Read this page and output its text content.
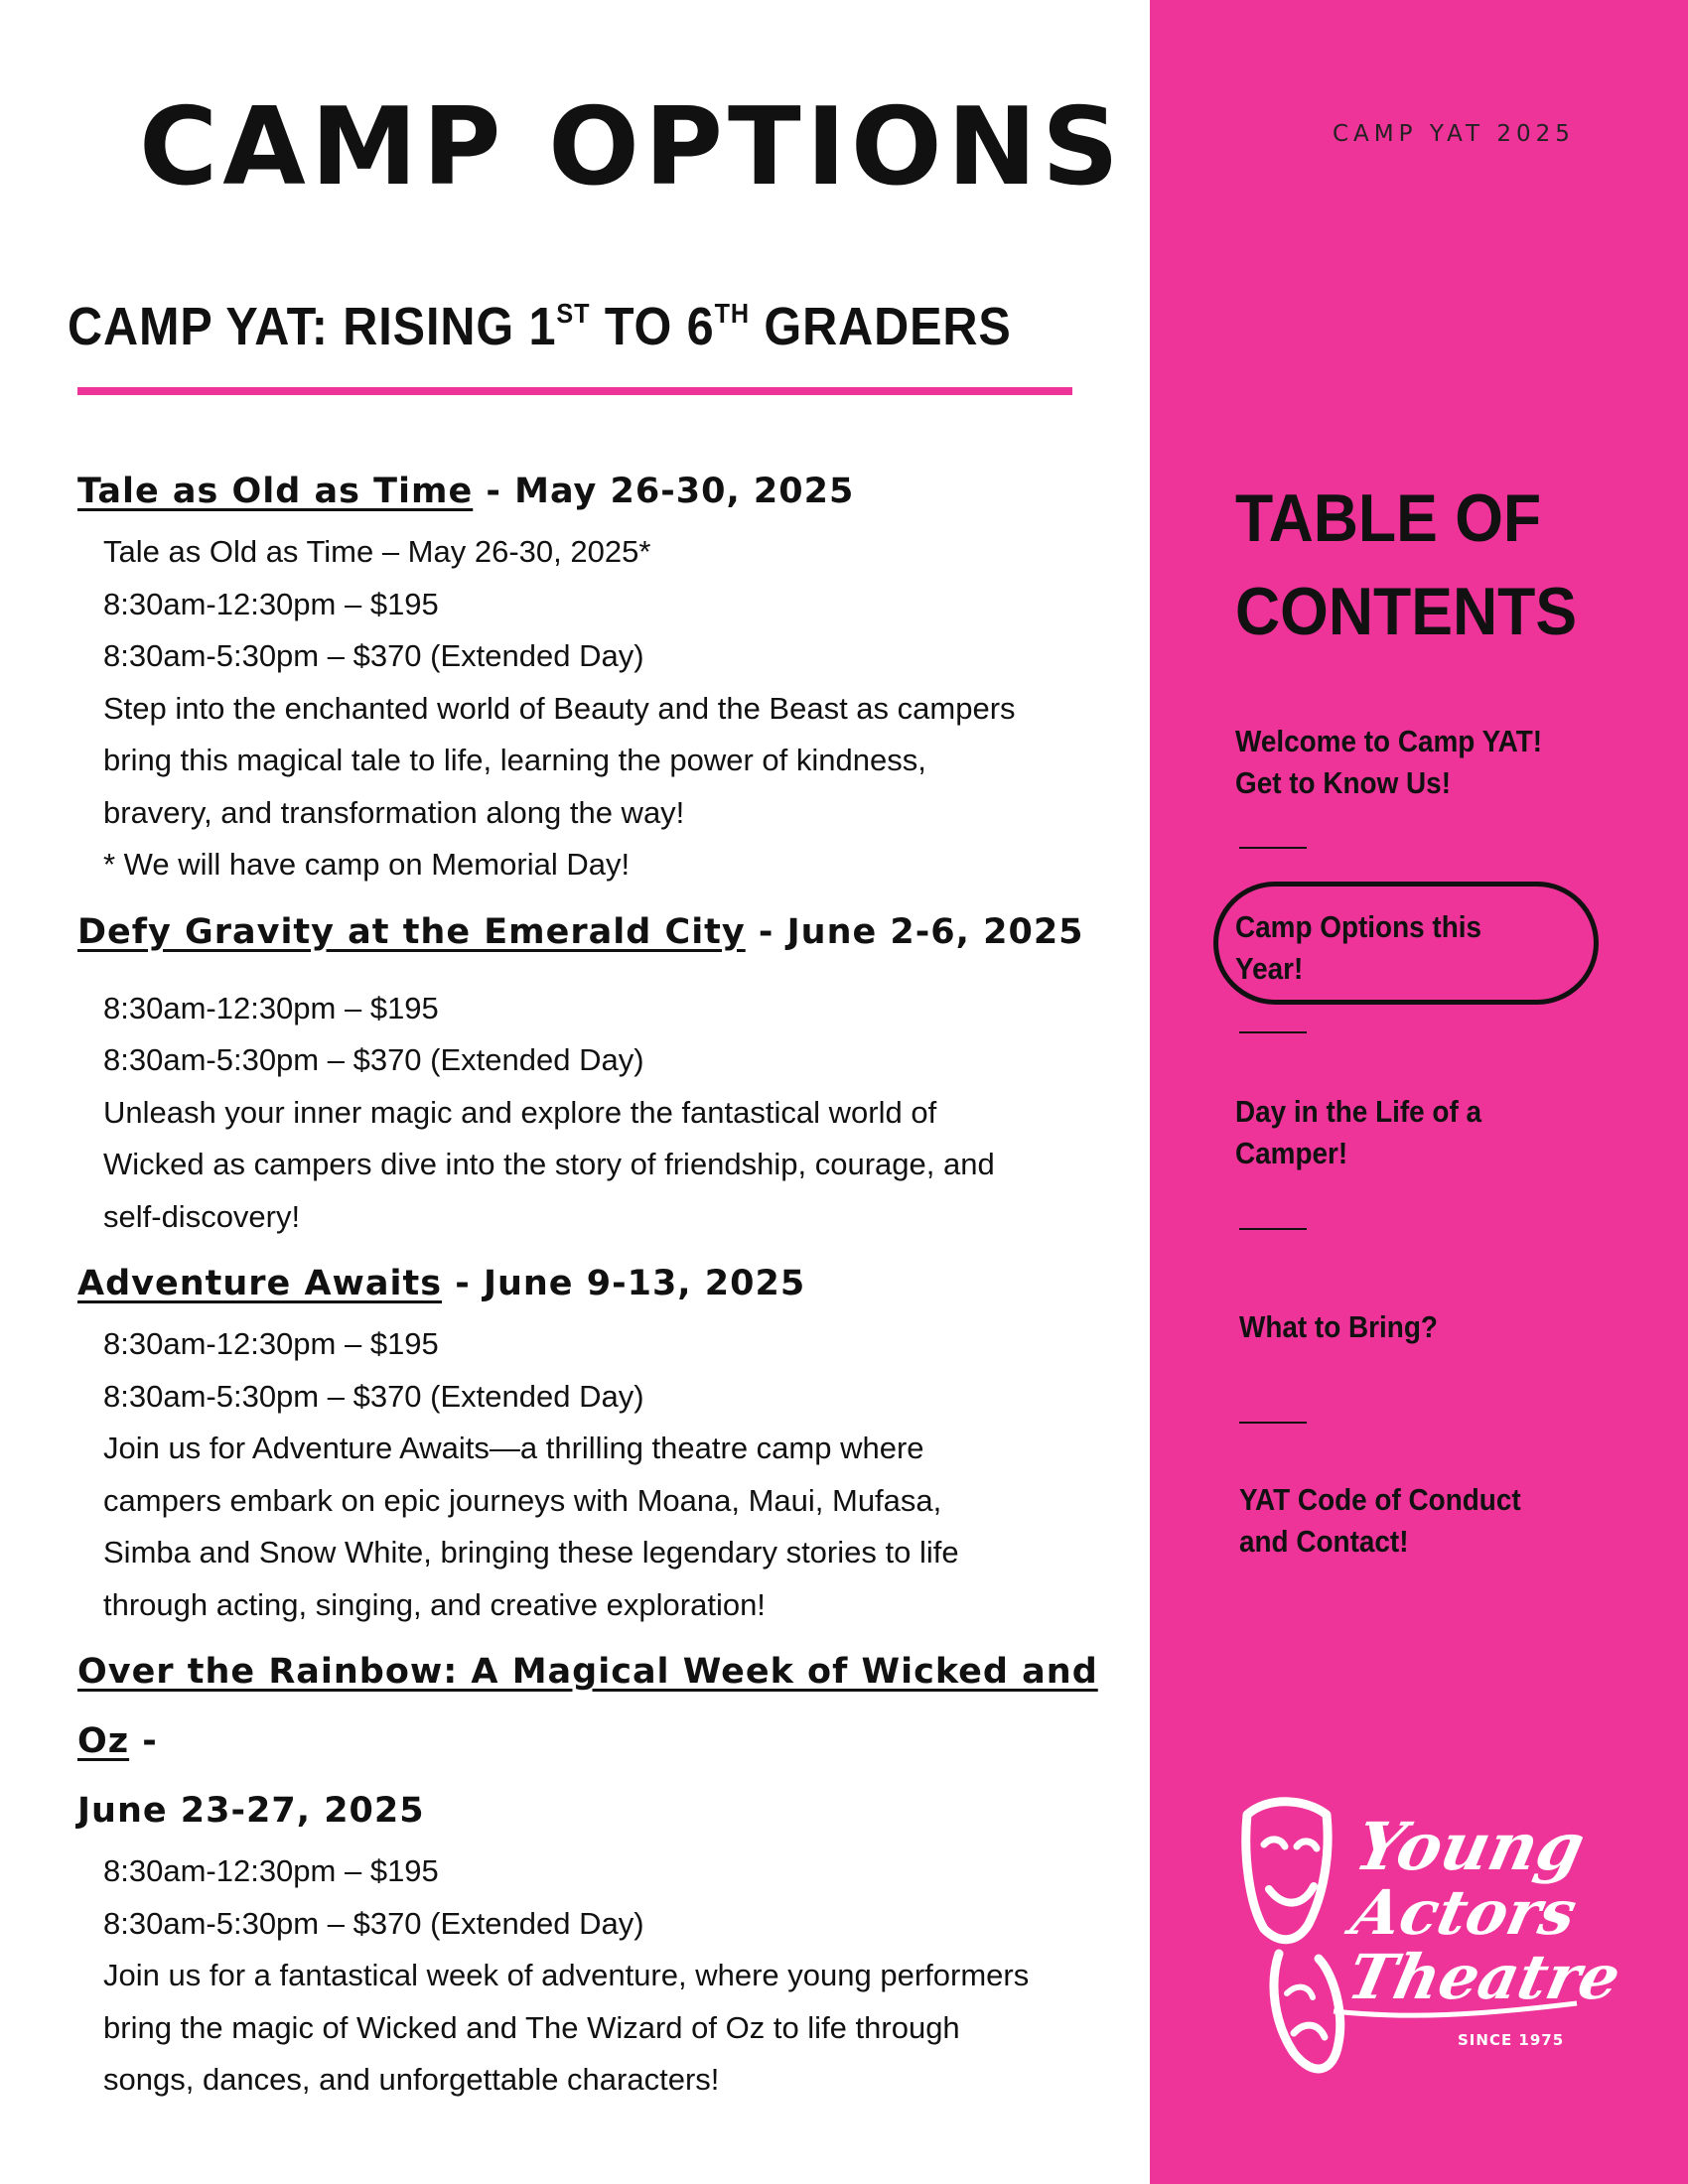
CAMP OPTIONS
CAMP YAT: RISING 1ST TO 6TH GRADERS
Tale as Old as Time - May 26-30, 2025
Tale as Old as Time – May 26-30, 2025*
8:30am-12:30pm – $195
8:30am-5:30pm – $370 (Extended Day)
Step into the enchanted world of Beauty and the Beast as campers
bring this magical tale to life, learning the power of kindness,
bravery, and transformation along the way!
* We will have camp on Memorial Day!
Defy Gravity at the Emerald City - June 2-6, 2025
8:30am-12:30pm – $195
8:30am-5:30pm – $370 (Extended Day)
Unleash your inner magic and explore the fantastical world of
Wicked as campers dive into the story of friendship, courage, and
self-discovery!
Adventure Awaits - June 9-13, 2025
8:30am-12:30pm – $195
8:30am-5:30pm – $370 (Extended Day)
Join us for Adventure Awaits—a thrilling theatre camp where
campers embark on epic journeys with Moana, Maui, Mufasa,
Simba and Snow White, bringing these legendary stories to life
through acting, singing, and creative exploration!
Over the Rainbow: A Magical Week of Wicked and Oz -
June 23-27, 2025
8:30am-12:30pm – $195
8:30am-5:30pm – $370 (Extended Day)
Join us for a fantastical week of adventure, where young performers
bring the magic of Wicked and The Wizard of Oz to life through
songs, dances, and unforgettable characters!

CAMP YAT 2025

TABLE OF
CONTENTS
Welcome to Camp YAT!
Get to Know Us!
Camp Options this
Year!
Day in the Life of a
Camper!
What to Bring?
YAT Code of Conduct
and Contact!
Young
Actors
Theatre
SINCE 1975
